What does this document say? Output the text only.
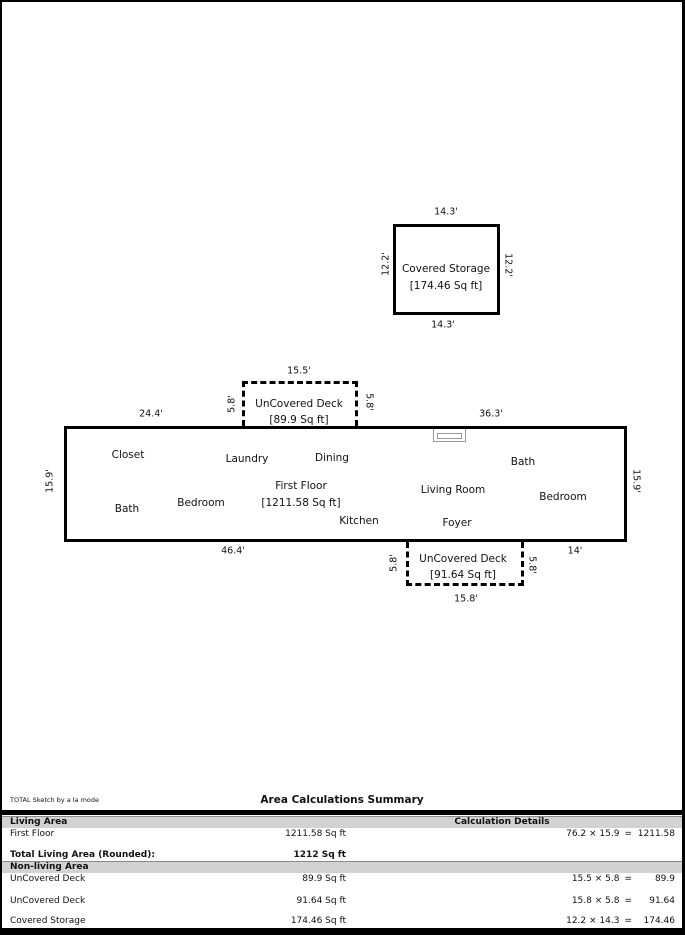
Covered Storage
[174.46 Sq ft]
14.3'
14.3'
12.2'	12.2'
UnCovered Deck
[89.9 Sq ft]
15.5'
5.8'	5.8'
24.4'	36.3'
15.9'	15.9'
46.4'	14'
Closet	Laundry	Dining
First Floor
[1211.58 Sq ft]
Bath	Bedroom
Kitchen
Living Room
Foyer
Bath
Bedroom
UnCovered Deck
[91.64 Sq ft]
15.8'
5.8'	5.8'
TOTAL Sketch by a la mode	Area Calculations Summary
Living Area	Calculation Details
First Floor	1211.58 Sq ft	76.2 × 15.9 = 1211.58
Total Living Area (Rounded):	1212 Sq ft
Non-living Area
UnCovered Deck	89.9 Sq ft	15.5 × 5.8 =	89.9
UnCovered Deck	91.64 Sq ft	15.8 × 5.8 =	91.64
Covered Storage	174.46 Sq ft	12.2 × 14.3 =	174.46
